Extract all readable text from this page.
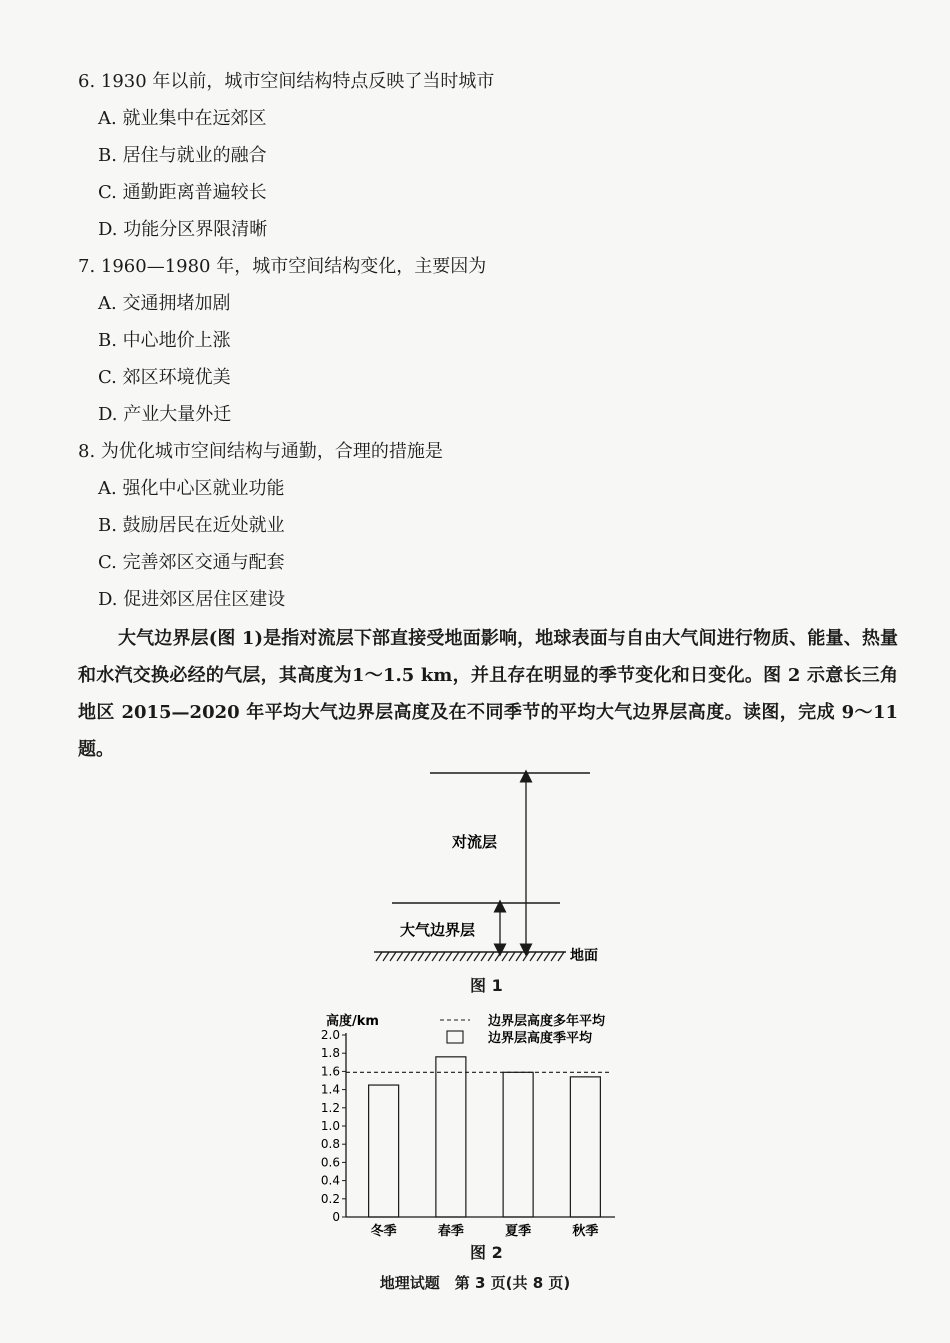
6. 1930 年以前，城市空间结构特点反映了当时城市
A. 就业集中在远郊区
B. 居住与就业的融合
C. 通勤距离普遍较长
D. 功能分区界限清晰
7. 1960—1980 年，城市空间结构变化，主要因为
A. 交通拥堵加剧
B. 中心地价上涨
C. 郊区环境优美
D. 产业大量外迁
8. 为优化城市空间结构与通勤，合理的措施是
A. 强化中心区就业功能
B. 鼓励居民在近处就业
C. 完善郊区交通与配套
D. 促进郊区居住区建设
大气边界层(图 1)是指对流层下部直接受地面影响，地球表面与自由大气间进行物质、能量、热量和水汽交换必经的气层，其高度为1～1.5 km，并且存在明显的季节变化和日变化。图 2 示意长三角地区 2015—2020 年平均大气边界层高度及在不同季节的平均大气边界层高度。读图，完成 9～11 题。
对流层
大气边界层
地面
图 1
高度/km
0
0.2
0.4
0.6
0.8
1.0
1.2
1.4
1.6
1.8
2.0
冬季	春季	夏季	秋季
边界层高度多年平均
边界层高度季平均
图 2
地理试题　第 3 页(共 8 页)
